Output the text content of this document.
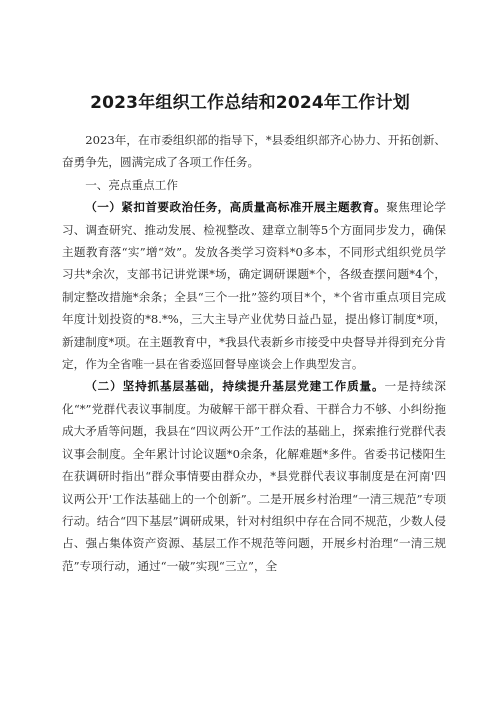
2023年组织工作总结和2024年工作计划

2023年，在市委组织部的指导下，*县委组织部齐心协力、开拓创新、奋勇争先，圆满完成了各项工作任务。

一、亮点重点工作

（一）紧扣首要政治任务，高质量高标准开展主题教育。聚焦理论学习、调查研究、推动发展、检视整改、建章立制等5个方面同步发力，确保主题教育落“实”增“效”。发放各类学习资料*0多本，不同形式组织党员学习共*余次，支部书记讲党课*场，确定调研课题*个，各级查摆问题*4个，制定整改措施*余条；全县“三个一批”签约项目*个，*个省市重点项目完成年度计划投资的*8.*%，三大主导产业优势日益凸显，提出修订制度*项，新建制度*项。在主题教育中，*我县代表新乡市接受中央督导并得到充分肯定，作为全省唯一县在省委巡回督导座谈会上作典型发言。

（二）坚持抓基层基础，持续提升基层党建工作质量。一是持续深化“*”党群代表议事制度。为破解干部干群众看、干群合力不够、小纠纷拖成大矛盾等问题，我县在“四议两公开”工作法的基础上，探索推行党群代表议事会制度。全年累计讨论议题*0余条，化解难题*多件。省委书记楼阳生在获调研时指出“群众事情要由群众办，*县党群代表议事制度是在河南'四议两公开'工作法基础上的一个创新”。二是开展乡村治理“一清三规范”专项行动。结合“四下基层”调研成果，针对村组织中存在合同不规范，少数人侵占、强占集体资产资源、基层工作不规范等问题，开展乡村治理“一清三规范”专项行动，通过“一破”实现“三立”，全
